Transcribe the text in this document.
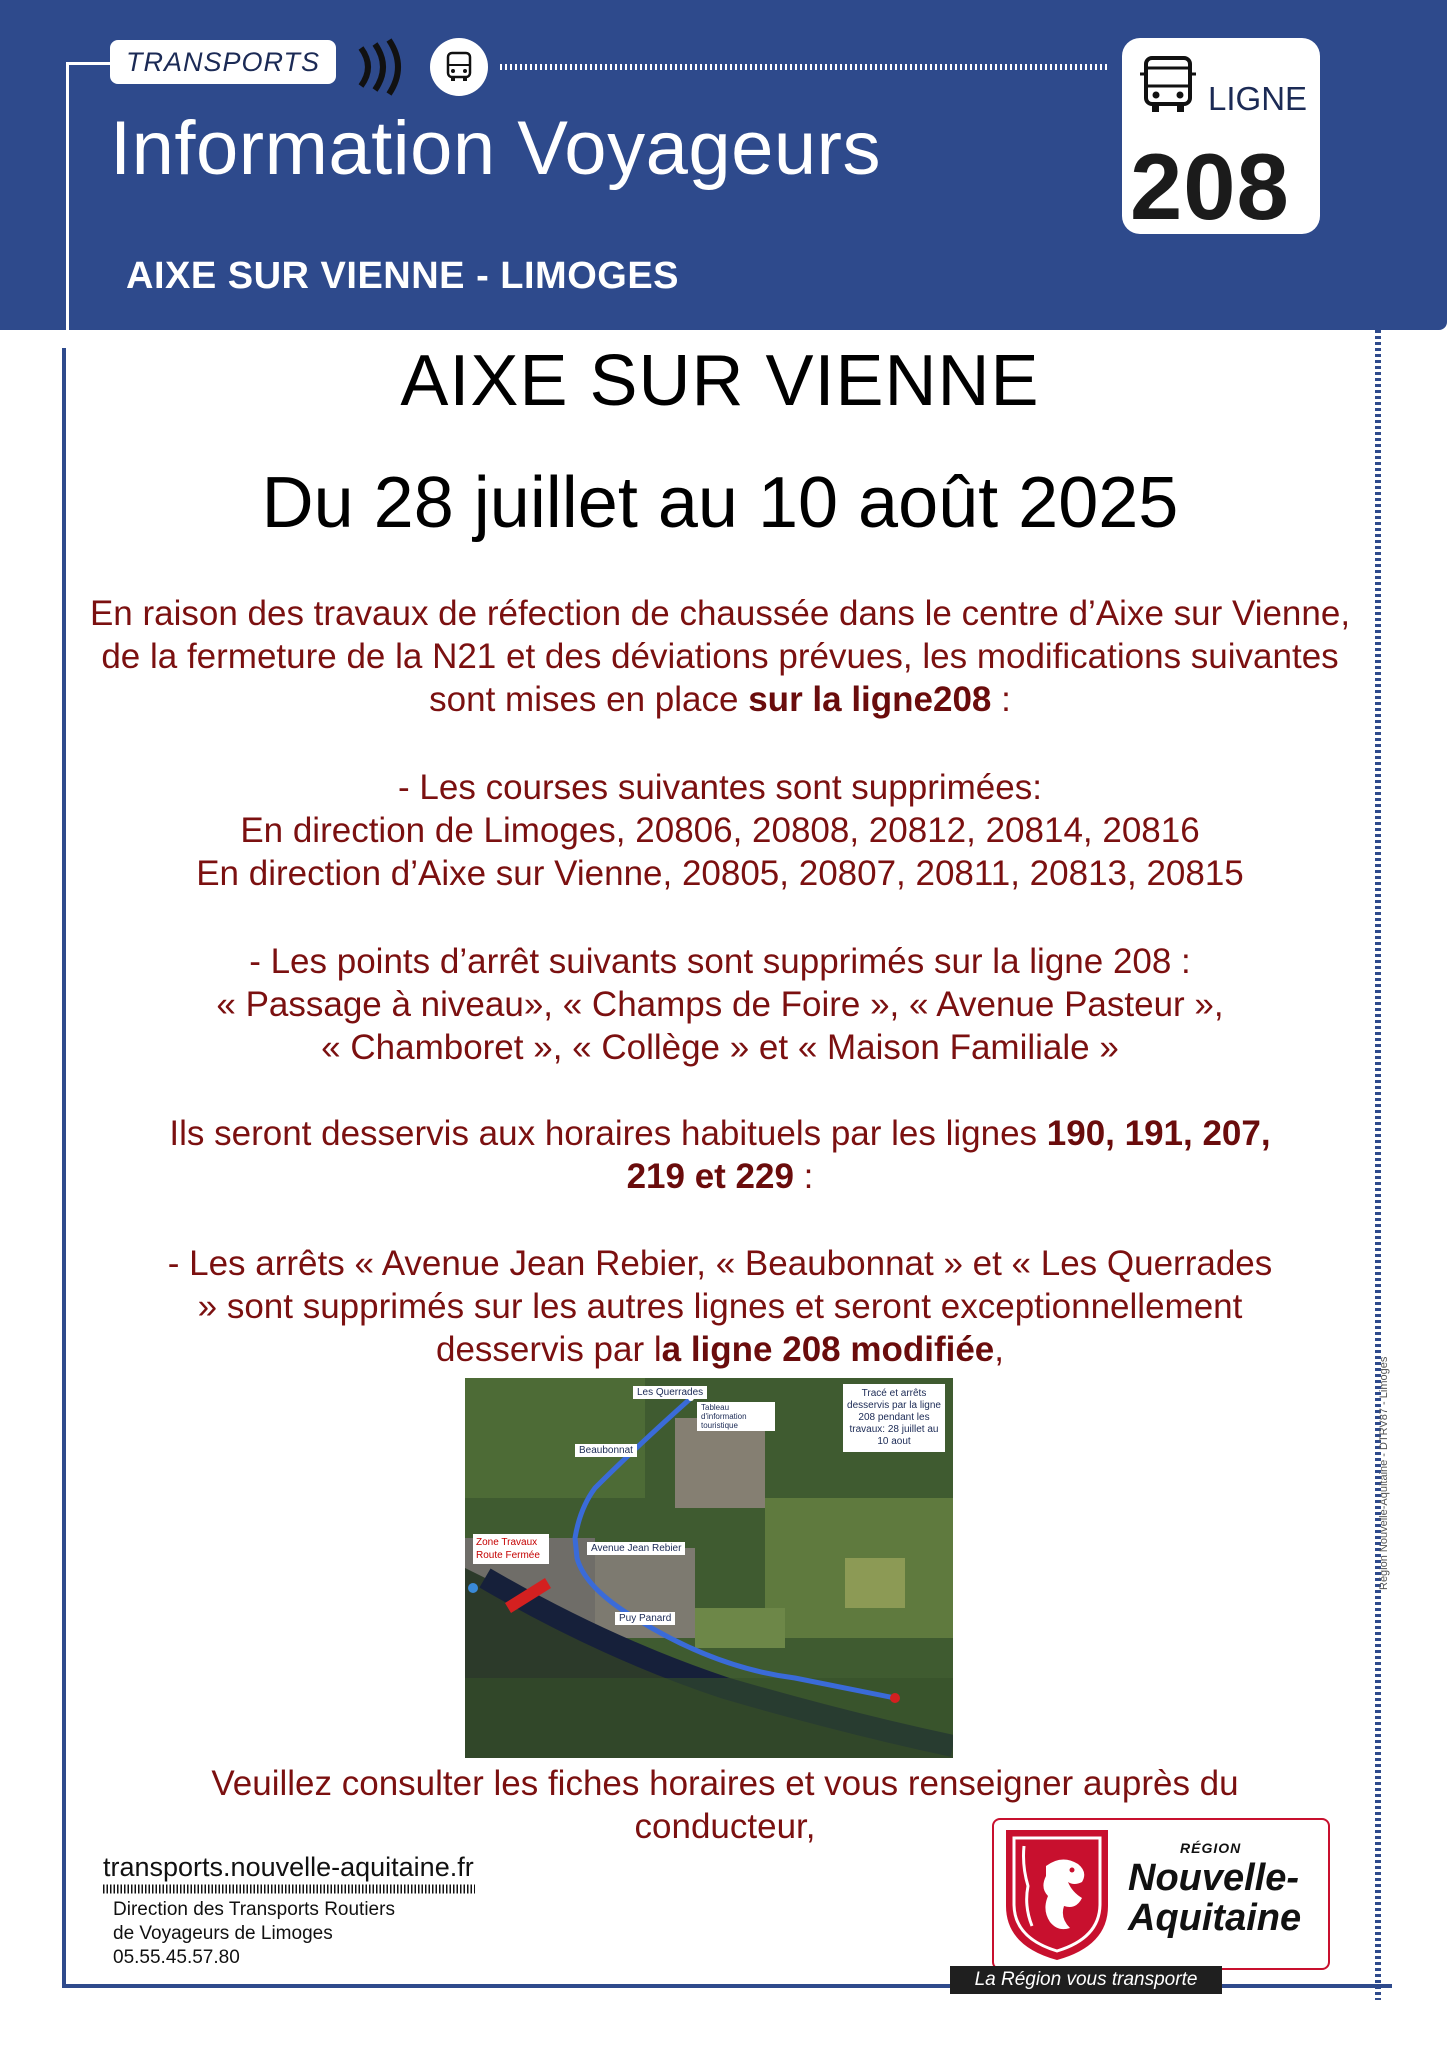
TRANSPORTS
Information Voyageurs
AIXE SUR VIENNE - LIMOGES
LIGNE
208
Région Nouvelle-Aquitaine - DTRV87 - Limoges
AIXE SUR VIENNE
Du 28 juillet au 10 août 2025
En raison des travaux de réfection de chaussée dans le centre d’Aixe sur Vienne, de la fermeture de la N21 et des déviations prévues, les modifications suivantes sont mises en place sur la ligne208 :
- Les courses suivantes sont supprimées:
En direction de Limoges, 20806, 20808, 20812, 20814, 20816
En direction d’Aixe sur Vienne, 20805, 20807, 20811, 20813, 20815
- Les points d’arrêt suivants sont supprimés sur la ligne 208 :
« Passage à niveau», « Champs de Foire », « Avenue Pasteur »,
« Chamboret », « Collège » et « Maison Familiale »
Ils seront desservis aux horaires habituels par les lignes 190, 191, 207,
219 et 229 :
- Les arrêts « Avenue Jean Rebier, « Beaubonnat » et « Les Querrades » sont supprimés sur les autres lignes et seront exceptionnellement desservis par la ligne 208 modifiée,
Les Querrades
Tableau d'information touristique
Beaubonnat
Avenue Jean Rebier
Puy Panard
Zone Travaux Route Fermée
Tracé et arrêts desservis par la ligne 208 pendant les travaux: 28 juillet au 10 aout
Veuillez consulter les fiches horaires et vous renseigner auprès du conducteur,
transports.nouvelle-aquitaine.fr
Direction des Transports Routiers
de Voyageurs de Limoges
05.55.45.57.80
RÉGION
Nouvelle-
Aquitaine
La Région vous transporte
